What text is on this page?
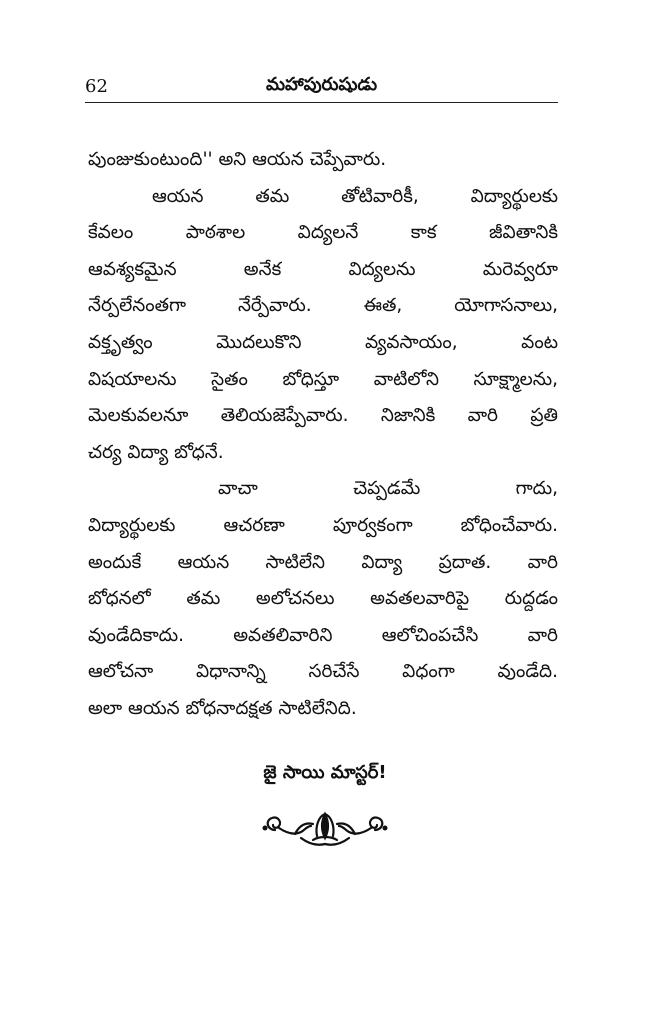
62	మహాపురుషుడు
పుంజుకుంటుంది'' అని ఆయన చెప్పేవారు.
ఆయన తమ తోటివారికీ, విద్యార్థులకు
కేవలం పాఠశాల విద్యలనే కాక జీవితానికి
ఆవశ్యకమైన అనేక విద్యలను మరెవ్వరూ
నేర్పలేనంతగా నేర్పేవారు. ఈత, యోగాసనాలు,
వక్తృత్వం మొదలుకొని వ్యవసాయం, వంట
విషయాలను సైతం బోధిస్తూ వాటిలోని సూక్ష్మాలను,
మెలకువలనూ తెలియజెప్పేవారు. నిజానికి వారి ప్రతి
చర్య విద్యా బోధనే.
వాచా చెప్పడమే గాదు,
విద్యార్థులకు ఆచరణా పూర్వకంగా బోధించేవారు.
అందుకే ఆయన సాటిలేని విద్యా ప్రదాత. వారి
బోధనలో తమ అలోచనలు అవతలవారిపై రుద్దడం
వుండేదికాదు. అవతలివారిని ఆలోచింపచేసి వారి
ఆలోచనా విధానాన్ని సరిచేసే విధంగా వుండేది.
అలా ఆయన బోధనాదక్షత సాటిలేనిది.
జై సాయి మాస్టర్!
